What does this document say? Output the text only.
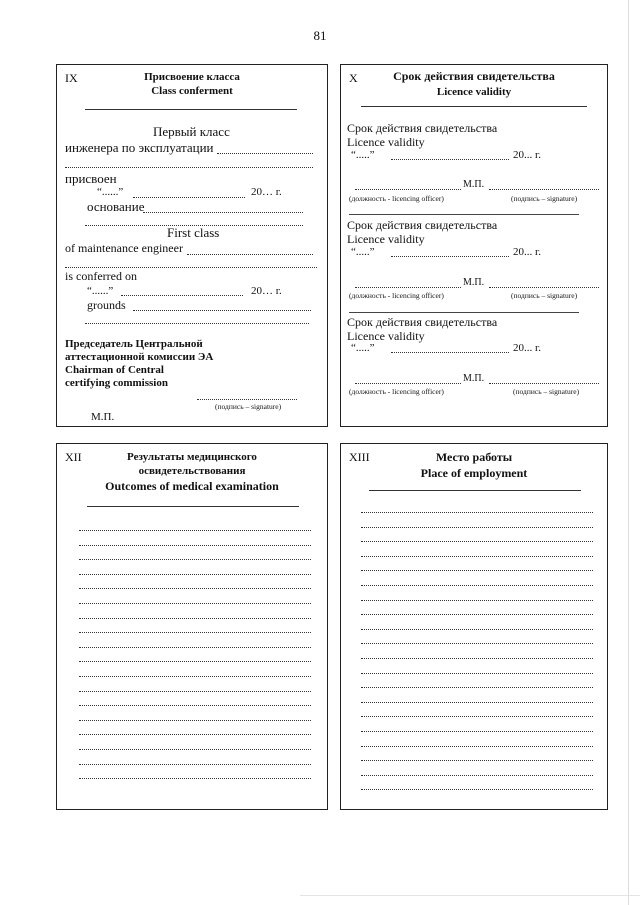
81
IX	Присвоение класса
Class conferment
Первый класс
инженера по эксплуатации
присвоен
“......”	20… г.
основание
First class
of maintenance engineer
is conferred on
“......”	20… г.
grounds
Председатель Центральной
аттестационной комиссии ЭА
Chairman of Central
certifying commission
(подпись – signature)
М.П.
X	Срок действия свидетельства
Licence validity
Срок действия свидетельства
Licence validity
“.....”	20... г.
М.П.
(должность - licencing officer)	(подпись – signature)
Срок действия свидетельства
Licence validity
“.....”	20... г.
М.П.
(должность - licencing officer)	(подпись – signature)
Срок действия свидетельства
Licence validity
“.....”	20... г.
М.П.
(должность - licencing officer)	(подпись – signature)
XII	Результаты медицинского
освидетельствования
Outcomes of medical examination
XIII	Место работы
Place of employment
